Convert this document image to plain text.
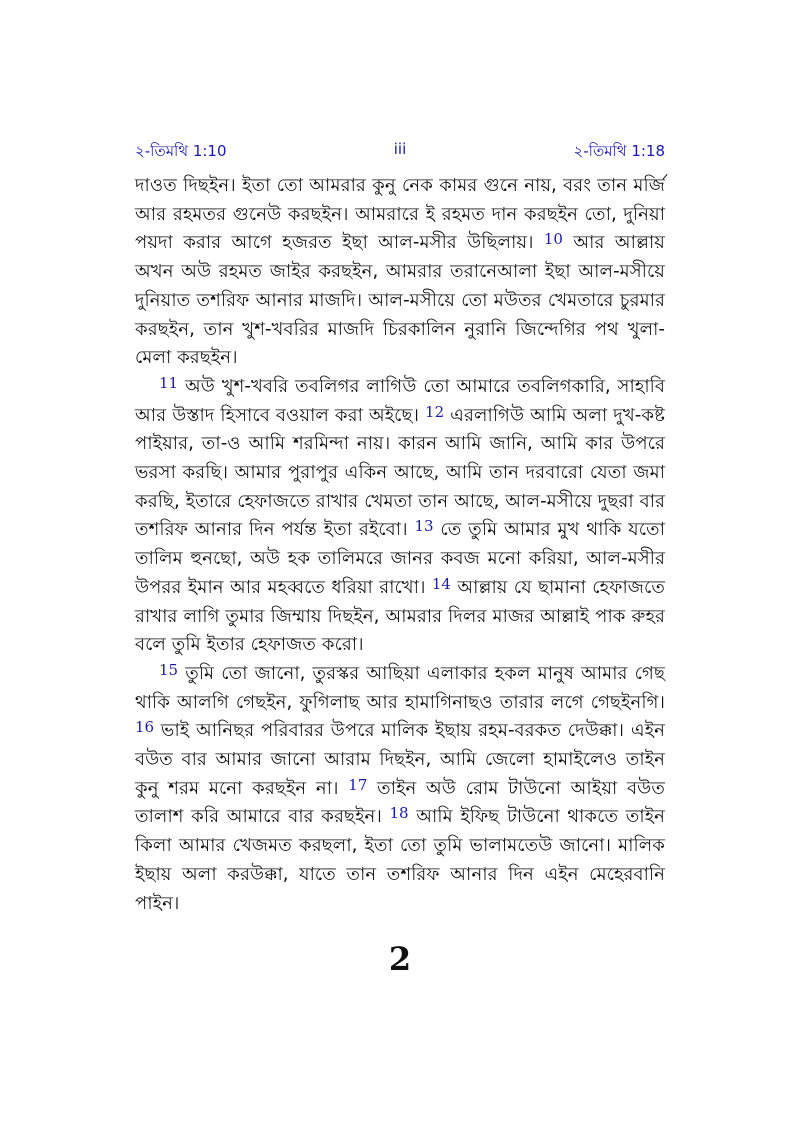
২-তিমথি 1:10	iii	২-তিমথি 1:18

দাওত দিছইন। ইতা তো আমরার কুনু নেক কামর গুনে নায়, বরং তান মর্জি আর রহমতর গুনেউ করছইন। আমরারে ই রহমত দান করছইন তো, দুনিয়া পয়দা করার আগে হজরত ইছা আল-মসীর উছিলায়। $^{10}$ আর আল্লায় অখন অউ রহমত জাইর করছইন, আমরার তরানেআলা ইছা আল-মসীয়ে দুনিয়াত তশরিফ আনার মাজদি। আল-মসীয়ে তো মউতর খেমতারে চুরমার করছইন, তান খুশ-খবরির মাজদি চিরকালিন নুরানি জিন্দেগির পথ খুলা-মেলা করছইন।

$^{11}$ অউ খুশ-খবরি তবলিগর লাগিউ তো আমারে তবলিগকারি, সাহাবি আর উস্তাদ হিসাবে বওয়াল করা অইছে। $^{12}$ এরলাগিউ আমি অলা দুখ-কষ্ট পাইয়ার, তা-ও আমি শরমিন্দা নায়। কারন আমি জানি, আমি কার উপরে ভরসা করছি। আমার পুরাপুর একিন আছে, আমি তান দরবারো যেতা জমা করছি, ইতারে হেফাজতে রাখার খেমতা তান আছে, আল-মসীয়ে দুছরা বার তশরিফ আনার দিন পর্যন্ত ইতা রইবো। $^{13}$ তে তুমি আমার মুখ থাকি যতো তালিম হুনছো, অউ হক তালিমরে জানর কবজ মনো করিয়া, আল-মসীর উপরর ইমান আর মহব্বতে ধরিয়া রাখো। $^{14}$ আল্লায় যে ছামানা হেফাজতে রাখার লাগি তুমার জিম্মায় দিছইন, আমরার দিলর মাজর আল্লাই পাক রুহর বলে তুমি ইতার হেফাজত করো।

$^{15}$ তুমি তো জানো, তুরস্কর আছিয়া এলাকার হকল মানুষ আমার গেছ থাকি আলগি গেছইন, ফুগিলাছ আর হামাগিনাছও তারার লগে গেছইনগি। $^{16}$ ভাই আনিছর পরিবারর উপরে মালিক ইছায় রহম-বরকত দেউক্কা। এইন বউত বার আমার জানো আরাম দিছইন, আমি জেলো হামাইলেও তাইন কুনু শরম মনো করছইন না। $^{17}$ তাইন অউ রোম টাউনো আইয়া বউত তালাশ করি আমারে বার করছইন। $^{18}$ আমি ইফিছ টাউনো থাকতে তাইন কিলা আমার খেজমত করছলা, ইতা তো তুমি ভালামতেউ জানো। মালিক ইছায় অলা করউক্কা, যাতে তান তশরিফ আনার দিন এইন মেহেরবানি পাইন।

2
